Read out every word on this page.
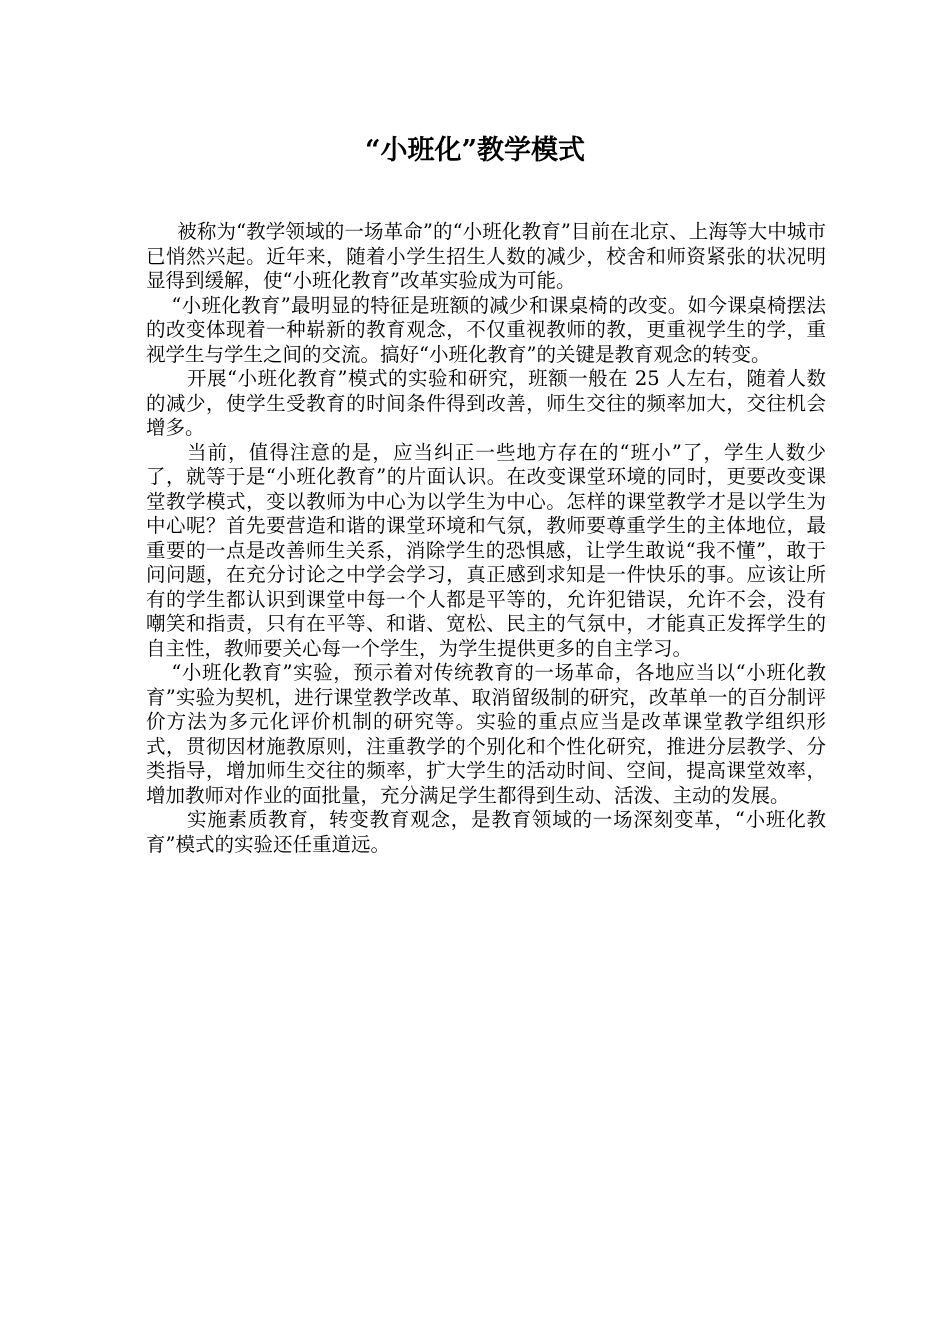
“小班化”教学模式

被称为“教学领域的一场革命”的“小班化教育”目前在北京、上海等大中城市已悄然兴起。近年来，随着小学生招生人数的减少，校舍和师资紧张的状况明显得到缓解，使“小班化教育”改革实验成为可能。

“小班化教育”最明显的特征是班额的减少和课桌椅的改变。如今课桌椅摆法的改变体现着一种崭新的教育观念，不仅重视教师的教，更重视学生的学，重视学生与学生之间的交流。搞好“小班化教育”的关键是教育观念的转变。

开展“小班化教育”模式的实验和研究，班额一般在 25 人左右，随着人数的减少，使学生受教育的时间条件得到改善，师生交往的频率加大，交往机会增多。

当前，值得注意的是，应当纠正一些地方存在的“班小”了，学生人数少了，就等于是“小班化教育”的片面认识。在改变课堂环境的同时，更要改变课堂教学模式，变以教师为中心为以学生为中心。怎样的课堂教学才是以学生为中心呢？首先要营造和谐的课堂环境和气氛，教师要尊重学生的主体地位，最重要的一点是改善师生关系，消除学生的恐惧感，让学生敢说“我不懂”，敢于问问题，在充分讨论之中学会学习，真正感到求知是一件快乐的事。应该让所有的学生都认识到课堂中每一个人都是平等的，允许犯错误，允许不会，没有嘲笑和指责，只有在平等、和谐、宽松、民主的气氛中，才能真正发挥学生的自主性，教师要关心每一个学生，为学生提供更多的自主学习。

“小班化教育”实验，预示着对传统教育的一场革命，各地应当以“小班化教育”实验为契机，进行课堂教学改革、取消留级制的研究，改革单一的百分制评价方法为多元化评价机制的研究等。实验的重点应当是改革课堂教学组织形式，贯彻因材施教原则，注重教学的个别化和个性化研究，推进分层教学、分类指导，增加师生交往的频率，扩大学生的活动时间、空间，提高课堂效率，增加教师对作业的面批量，充分满足学生都得到生动、活泼、主动的发展。

实施素质教育，转变教育观念，是教育领域的一场深刻变革，“小班化教育”模式的实验还任重道远。
